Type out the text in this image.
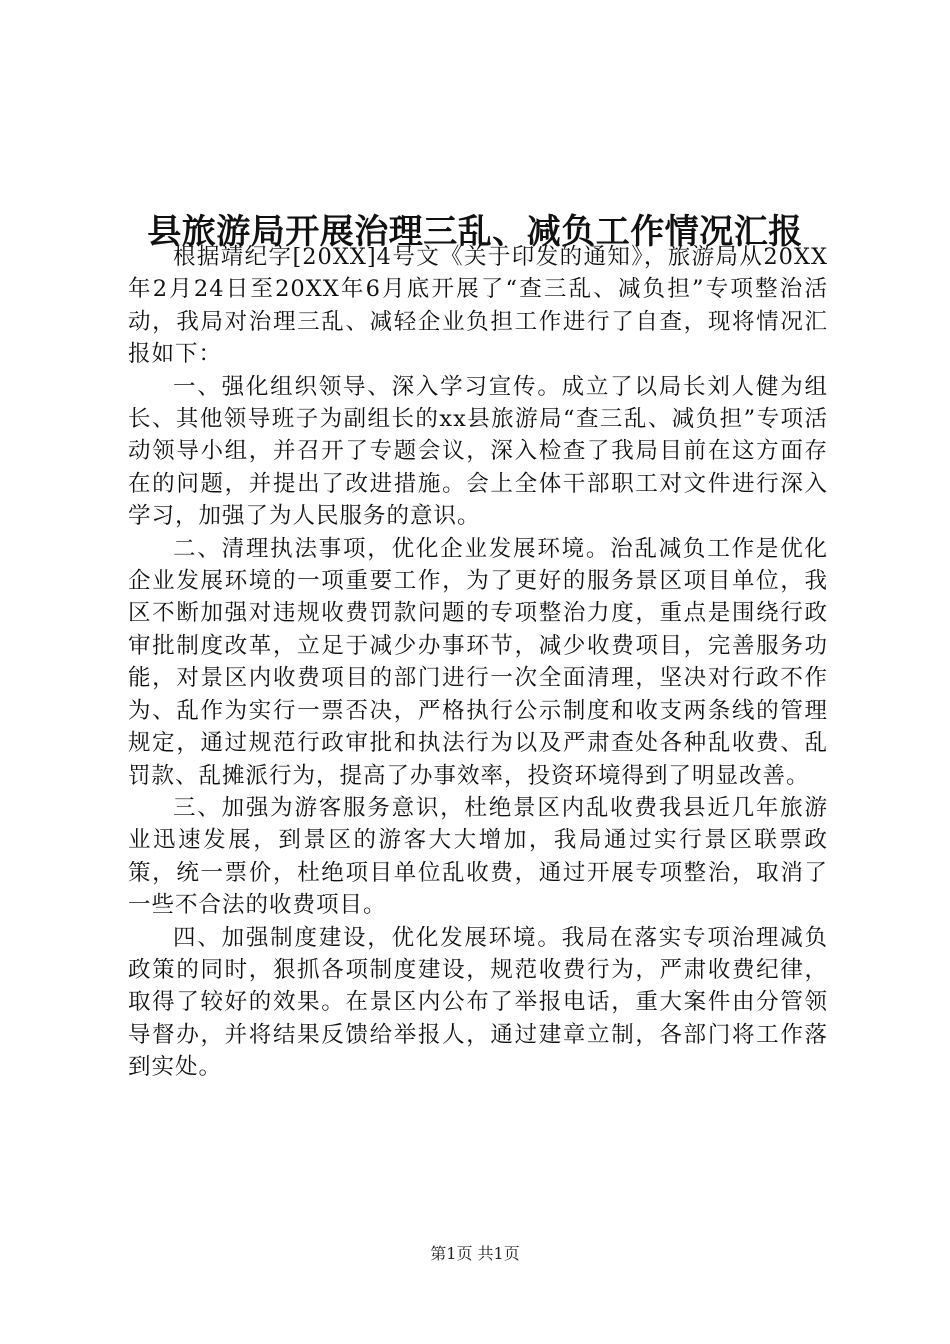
县旅游局开展治理三乱、减负工作情况汇报

根据靖纪字[20XX]4号文《关于印发的通知》，旅游局从20XX年2月24日至20XX年6月底开展了“查三乱、减负担”专项整治活动，我局对治理三乱、减轻企业负担工作进行了自查，现将情况汇报如下：

一、强化组织领导、深入学习宣传。成立了以局长刘人健为组长、其他领导班子为副组长的xx县旅游局“查三乱、减负担”专项活动领导小组，并召开了专题会议，深入检查了我局目前在这方面存在的问题，并提出了改进措施。会上全体干部职工对文件进行深入学习，加强了为人民服务的意识。

二、清理执法事项，优化企业发展环境。治乱减负工作是优化企业发展环境的一项重要工作，为了更好的服务景区项目单位，我区不断加强对违规收费罚款问题的专项整治力度，重点是围绕行政审批制度改革，立足于减少办事环节，减少收费项目，完善服务功能，对景区内收费项目的部门进行一次全面清理，坚决对行政不作为、乱作为实行一票否决，严格执行公示制度和收支两条线的管理规定，通过规范行政审批和执法行为以及严肃查处各种乱收费、乱罚款、乱摊派行为，提高了办事效率，投资环境得到了明显改善。

三、加强为游客服务意识，杜绝景区内乱收费我县近几年旅游业迅速发展，到景区的游客大大增加，我局通过实行景区联票政策，统一票价，杜绝项目单位乱收费，通过开展专项整治，取消了一些不合法的收费项目。

四、加强制度建设，优化发展环境。我局在落实专项治理减负政策的同时，狠抓各项制度建设，规范收费行为，严肃收费纪律，取得了较好的效果。在景区内公布了举报电话，重大案件由分管领导督办，并将结果反馈给举报人，通过建章立制，各部门将工作落到实处。

第1页 共1页
